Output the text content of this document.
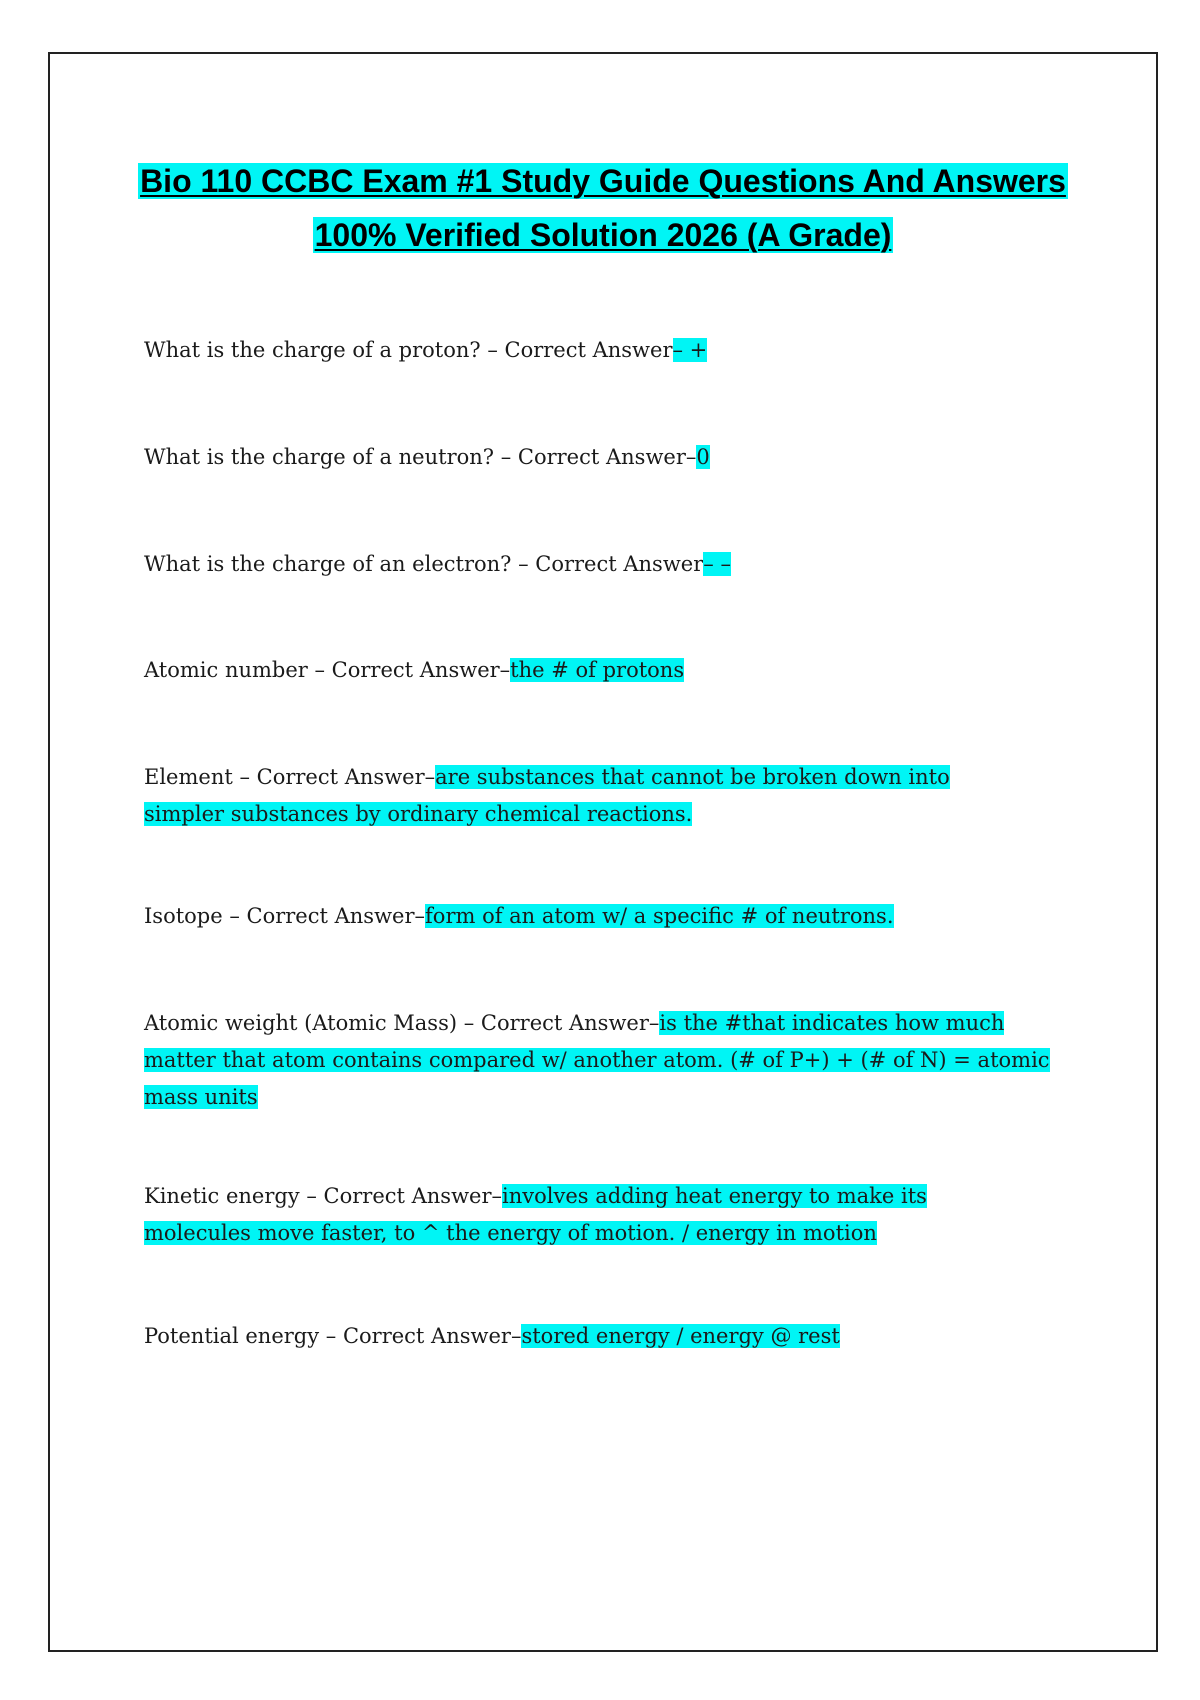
Bio 110 CCBC Exam #1 Study Guide Questions And Answers
100% Verified Solution 2026 (A Grade)

What is the charge of a proton? – Correct Answer– +

What is the charge of a neutron? – Correct Answer–0

What is the charge of an electron? – Correct Answer– –

Atomic number – Correct Answer–the # of protons

Element – Correct Answer–are substances that cannot be broken down into simpler substances by ordinary chemical reactions.

Isotope – Correct Answer–form of an atom w/ a specific # of neutrons.

Atomic weight (Atomic Mass) – Correct Answer–is the #that indicates how much matter that atom contains compared w/ another atom. (# of P+) + (# of N) = atomic mass units

Kinetic energy – Correct Answer–involves adding heat energy to make its molecules move faster, to ^ the energy of motion. / energy in motion

Potential energy – Correct Answer–stored energy / energy @ rest
